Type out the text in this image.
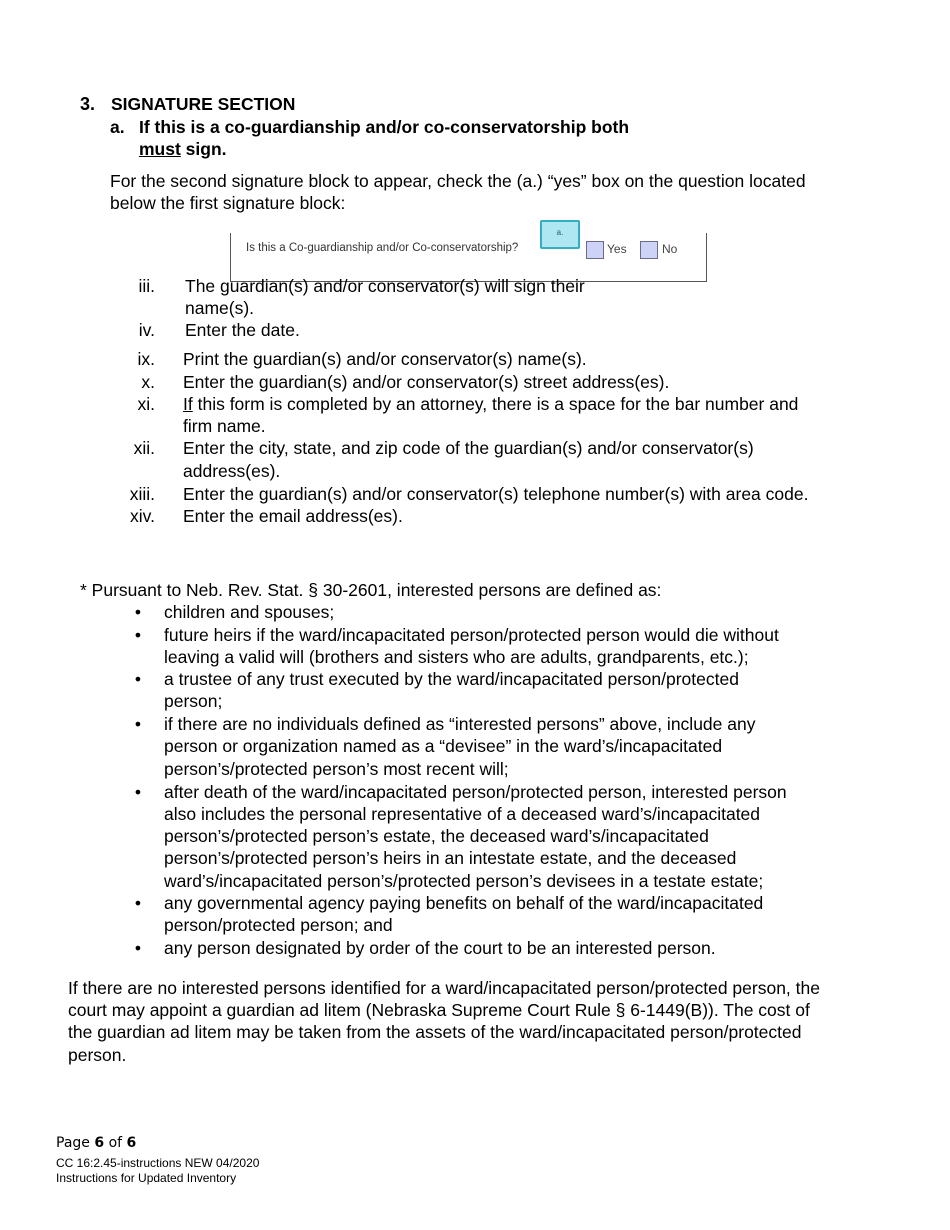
3. SIGNATURE SECTION
a. If this is a co-guardianship and/or co-conservatorship both
must sign.
For the second signature block to appear, check the (a.) “yes” box on the question located
below the first signature block:
Is this a Co-guardianship and/or Co-conservatorship?
a.
Yes	No
iii. The guardian(s) and/or conservator(s) will sign their
name(s).
iv. Enter the date.
ix. Print the guardian(s) and/or conservator(s) name(s).
x. Enter the guardian(s) and/or conservator(s) street address(es).
xi. If this form is completed by an attorney, there is a space for the bar number and
firm name.
xii. Enter the city, state, and zip code of the guardian(s) and/or conservator(s)
address(es).
xiii. Enter the guardian(s) and/or conservator(s) telephone number(s) with area code.
xiv. Enter the email address(es).
* Pursuant to Neb. Rev. Stat. § 30-2601, interested persons are defined as:
•	children and spouses;
•	future heirs if the ward/incapacitated person/protected person would die without
leaving a valid will (brothers and sisters who are adults, grandparents, etc.);
•	a trustee of any trust executed by the ward/incapacitated person/protected
person;
•	if there are no individuals defined as “interested persons” above, include any
person or organization named as a “devisee” in the ward’s/incapacitated
person’s/protected person’s most recent will;
•	after death of the ward/incapacitated person/protected person, interested person
also includes the personal representative of a deceased ward’s/incapacitated
person’s/protected person’s estate, the deceased ward’s/incapacitated
person’s/protected person’s heirs in an intestate estate, and the deceased
ward’s/incapacitated person’s/protected person’s devisees in a testate estate;
•	any governmental agency paying benefits on behalf of the ward/incapacitated
person/protected person; and
•	any person designated by order of the court to be an interested person.
If there are no interested persons identified for a ward/incapacitated person/protected person, the
court may appoint a guardian ad litem (Nebraska Supreme Court Rule § 6-1449(B)). The cost of
the guardian ad litem may be taken from the assets of the ward/incapacitated person/protected
person.
Page 6 of 6
CC 16:2.45-instructions NEW 04/2020
Instructions for Updated Inventory
